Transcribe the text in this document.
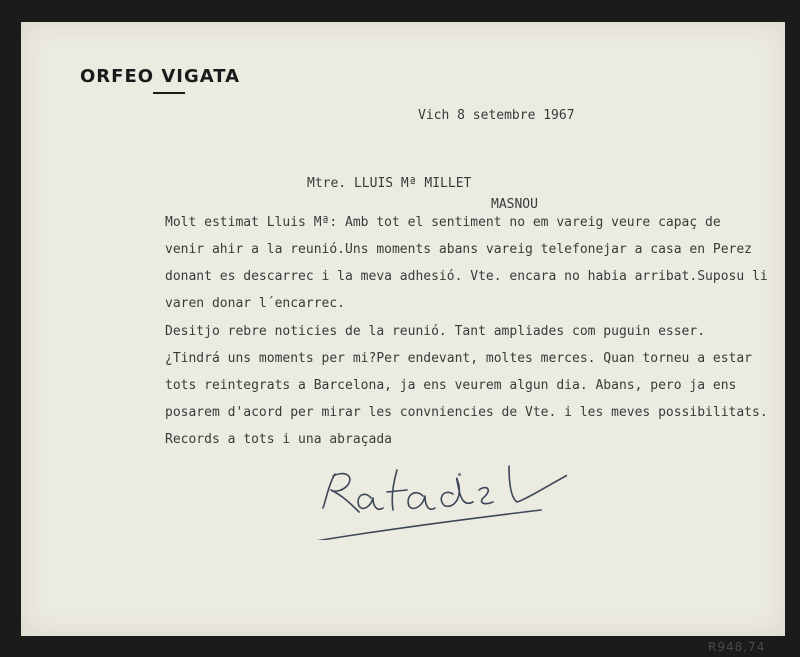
ORFEO VIGATA
Vich 8 setembre 1967
Mtre. LLUIS Mª MILLET
MASNOU
Molt estimat Lluis Mª: Amb tot el sentiment no em vareig veure capaç de
venir ahir a la reunió.Uns moments abans vareig telefonejar a casa en Perez
donant es descarrec i la meva adhesió. Vte. encara no habia arribat.Suposu li
varen donar l´encarrec.
Desitjo rebre noticies de la reunió. Tant ampliades com puguin esser.
¿Tindrá uns moments per mi?Per endevant, moltes merces. Quan torneu a estar
tots reintegrats a Barcelona, ja ens veurem algun dia. Abans, pero ja ens
posarem d'acord per mirar les convniencies de Vte. i les meves possibilitats.
Records a tots i una abraçada
R948,74
